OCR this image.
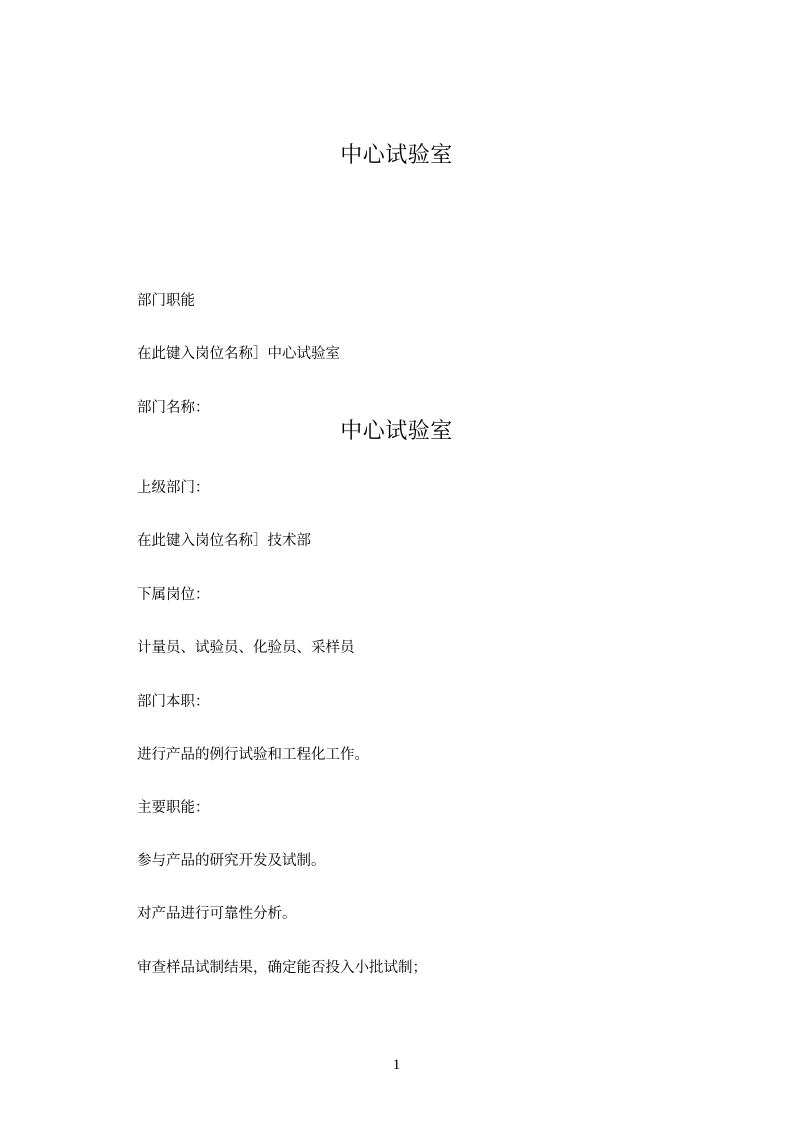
中心试验室
部门职能
在此键入岗位名称］中心试验室
部门名称：
中心试验室
上级部门：
在此键入岗位名称］技术部
下属岗位：
计量员、试验员、化验员、采样员
部门本职：
进行产品的例行试验和工程化工作。
主要职能：
参与产品的研究开发及试制。
对产品进行可靠性分析。
审查样品试制结果，确定能否投入小批试制；
1
